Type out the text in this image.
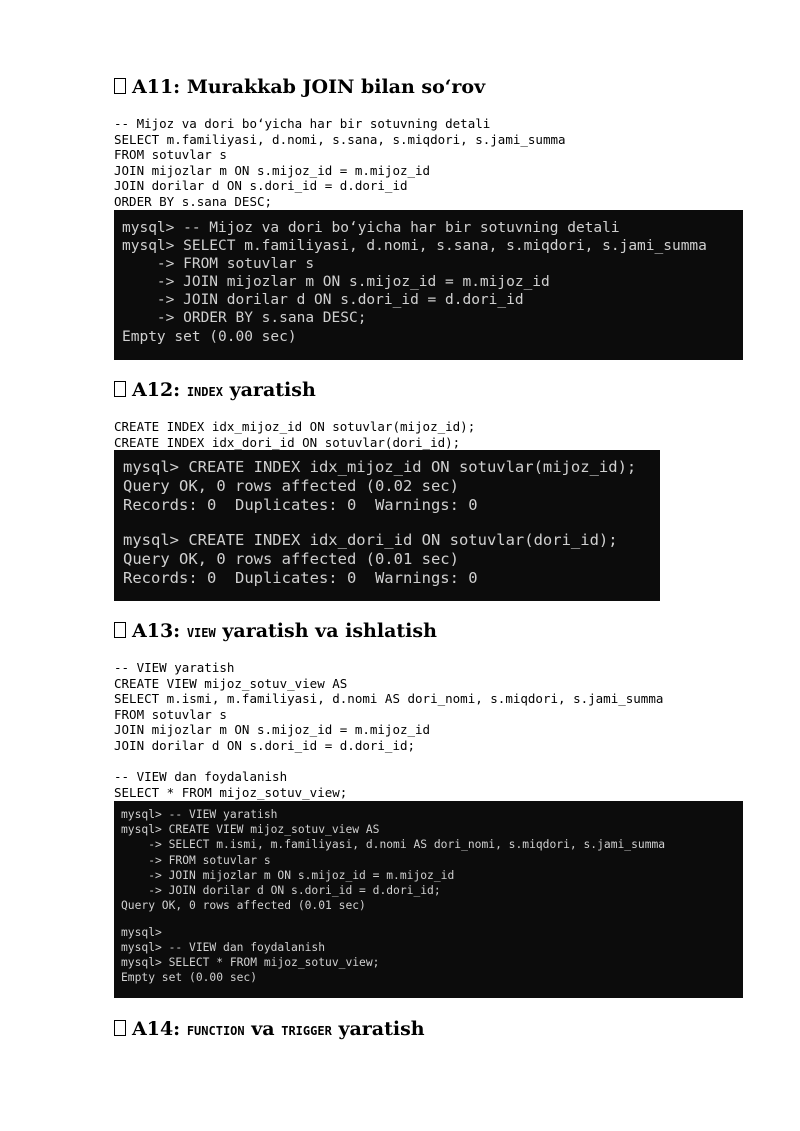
A11: Murakkab JOIN bilan so‘rov
-- Mijoz va dori bo‘yicha har bir sotuvning detali
SELECT m.familiyasi, d.nomi, s.sana, s.miqdori, s.jami_summa
FROM sotuvlar s
JOIN mijozlar m ON s.mijoz_id = m.mijoz_id
JOIN dorilar d ON s.dori_id = d.dori_id
ORDER BY s.sana DESC;
mysql> -- Mijoz va dori bo‘yicha har bir sotuvning detali
mysql> SELECT m.familiyasi, d.nomi, s.sana, s.miqdori, s.jami_summa
-> FROM sotuvlar s
-> JOIN mijozlar m ON s.mijoz_id = m.mijoz_id
-> JOIN dorilar d ON s.dori_id = d.dori_id
-> ORDER BY s.sana DESC;
Empty set (0.00 sec)
A12: INDEX yaratish
CREATE INDEX idx_mijoz_id ON sotuvlar(mijoz_id);
CREATE INDEX idx_dori_id ON sotuvlar(dori_id);
mysql> CREATE INDEX idx_mijoz_id ON sotuvlar(mijoz_id);
Query OK, 0 rows affected (0.02 sec)
Records: 0  Duplicates: 0  Warnings: 0
mysql> CREATE INDEX idx_dori_id ON sotuvlar(dori_id);
Query OK, 0 rows affected (0.01 sec)
Records: 0  Duplicates: 0  Warnings: 0
A13: VIEW yaratish va ishlatish
-- VIEW yaratish
CREATE VIEW mijoz_sotuv_view AS
SELECT m.ismi, m.familiyasi, d.nomi AS dori_nomi, s.miqdori, s.jami_summa
FROM sotuvlar s
JOIN mijozlar m ON s.mijoz_id = m.mijoz_id
JOIN dorilar d ON s.dori_id = d.dori_id;

-- VIEW dan foydalanish
SELECT * FROM mijoz_sotuv_view;
mysql> -- VIEW yaratish
mysql> CREATE VIEW mijoz_sotuv_view AS
-> SELECT m.ismi, m.familiyasi, d.nomi AS dori_nomi, s.miqdori, s.jami_summa
-> FROM sotuvlar s
-> JOIN mijozlar m ON s.mijoz_id = m.mijoz_id
-> JOIN dorilar d ON s.dori_id = d.dori_id;
Query OK, 0 rows affected (0.01 sec)
mysql>
mysql> -- VIEW dan foydalanish
mysql> SELECT * FROM mijoz_sotuv_view;
Empty set (0.00 sec)
A14: FUNCTION va TRIGGER yaratish
